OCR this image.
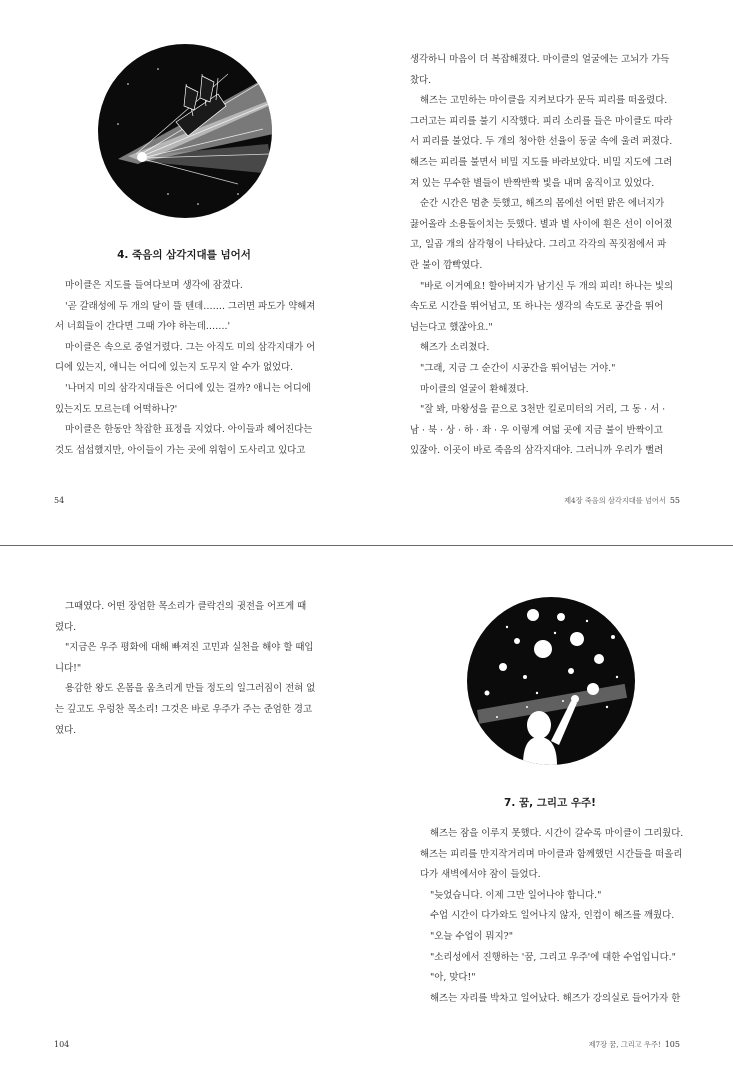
4. 죽음의 삼각지대를 넘어서

마이클은 지도를 들여다보며 생각에 잠겼다.

'곧 갈래성에 두 개의 달이 뜰 텐데……. 그러면 파도가 약해져

서 너희들이 간다면 그때 가야 하는데…….'

마이클은 속으로 중얼거렸다. 그는 아직도 미의 삼각지대가 어

디에 있는지, 애니는 어디에 있는지 도무지 알 수가 없었다.

'나머지 미의 삼각지대들은 어디에 있는 걸까? 애니는 어디에

있는지도 모르는데 어떡하나?'

마이클은 한동안 착잡한 표정을 지었다. 아이들과 헤어진다는

것도 섭섭했지만, 아이들이 가는 곳에 위험이 도사리고 있다고

54

생각하니 마음이 더 복잡해졌다. 마이클의 얼굴에는 고뇌가 가득

찼다.

해즈는 고민하는 마이클을 지켜보다가 문득 피리를 떠올렸다.

그러고는 피리를 불기 시작했다. 피리 소리를 들은 마이클도 따라

서 피리를 불었다. 두 개의 청아한 선율이 동굴 속에 울려 퍼졌다.

해즈는 피리를 불면서 비밀 지도를 바라보았다. 비밀 지도에 그려

져 있는 무수한 별들이 반짝반짝 빛을 내며 움직이고 있었다.

순간 시간은 멈춘 듯했고, 해즈의 몸에선 어떤 맑은 에너지가

끓어올라 소용돌이치는 듯했다. 별과 별 사이에 흰은 선이 이어졌

고, 일곱 개의 삼각형이 나타났다. 그리고 각각의 꼭짓점에서 파

란 불이 깜빡였다.

"바로 이거예요! 할아버지가 남기신 두 개의 피리! 하나는 빛의

속도로 시간을 뛰어넘고, 또 하나는 생각의 속도로 공간을 뛰어

넘는다고 했잖아요."

해즈가 소리쳤다.

"그래, 지금 그 순간이 시공간을 뛰어넘는 거야."

마이클의 얼굴이 환해졌다.

"잘 봐, 마왕성을 끝으로 3천만 킬로미터의 거리, 그 동 · 서 ·

남 · 북 · 상 · 하 · 좌 · 우 이렇게 여덟 곳에 지금 불이 반짝이고

있잖아. 이곳이 바로 죽음의 삼각지대야. 그러니까 우리가 뻘려

제4장 죽음의 삼각지대를 넘어서 55

그때였다. 어떤 장엄한 목소리가 클락건의 귓전을 어프게 때

렸다.

"지금은 우주 평화에 대해 빠져진 고민과 실천을 해야 할 때입

니다!"

용감한 왕도 온몸을 움츠리게 만들 정도의 일그러짐이 전혀 없

는 깊고도 우렁찬 목소리! 그것은 바로 우주가 주는 준엄한 경고

였다.

104
7. 꿈, 그리고 우주!

해즈는 잠을 이루지 못했다. 시간이 갈수록 마이클이 그리웠다.

해즈는 피리를 만지작거리며 마이클과 함께했던 시간들을 떠올리

다가 새벽에서야 잠이 들었다.

"늦었습니다. 이제 그만 일어나야 합니다."

수업 시간이 다가와도 일어나지 않자, 인컴이 해즈를 깨웠다.

"오늘 수업이 뭐지?"

"소리성에서 진행하는 '꿈, 그리고 우주'에 대한 수업입니다."

"아, 맞다!"

해즈는 자리를 박차고 일어났다. 해즈가 강의실로 들어가자 한

제7장 꿈, 그리고 우주! 105
